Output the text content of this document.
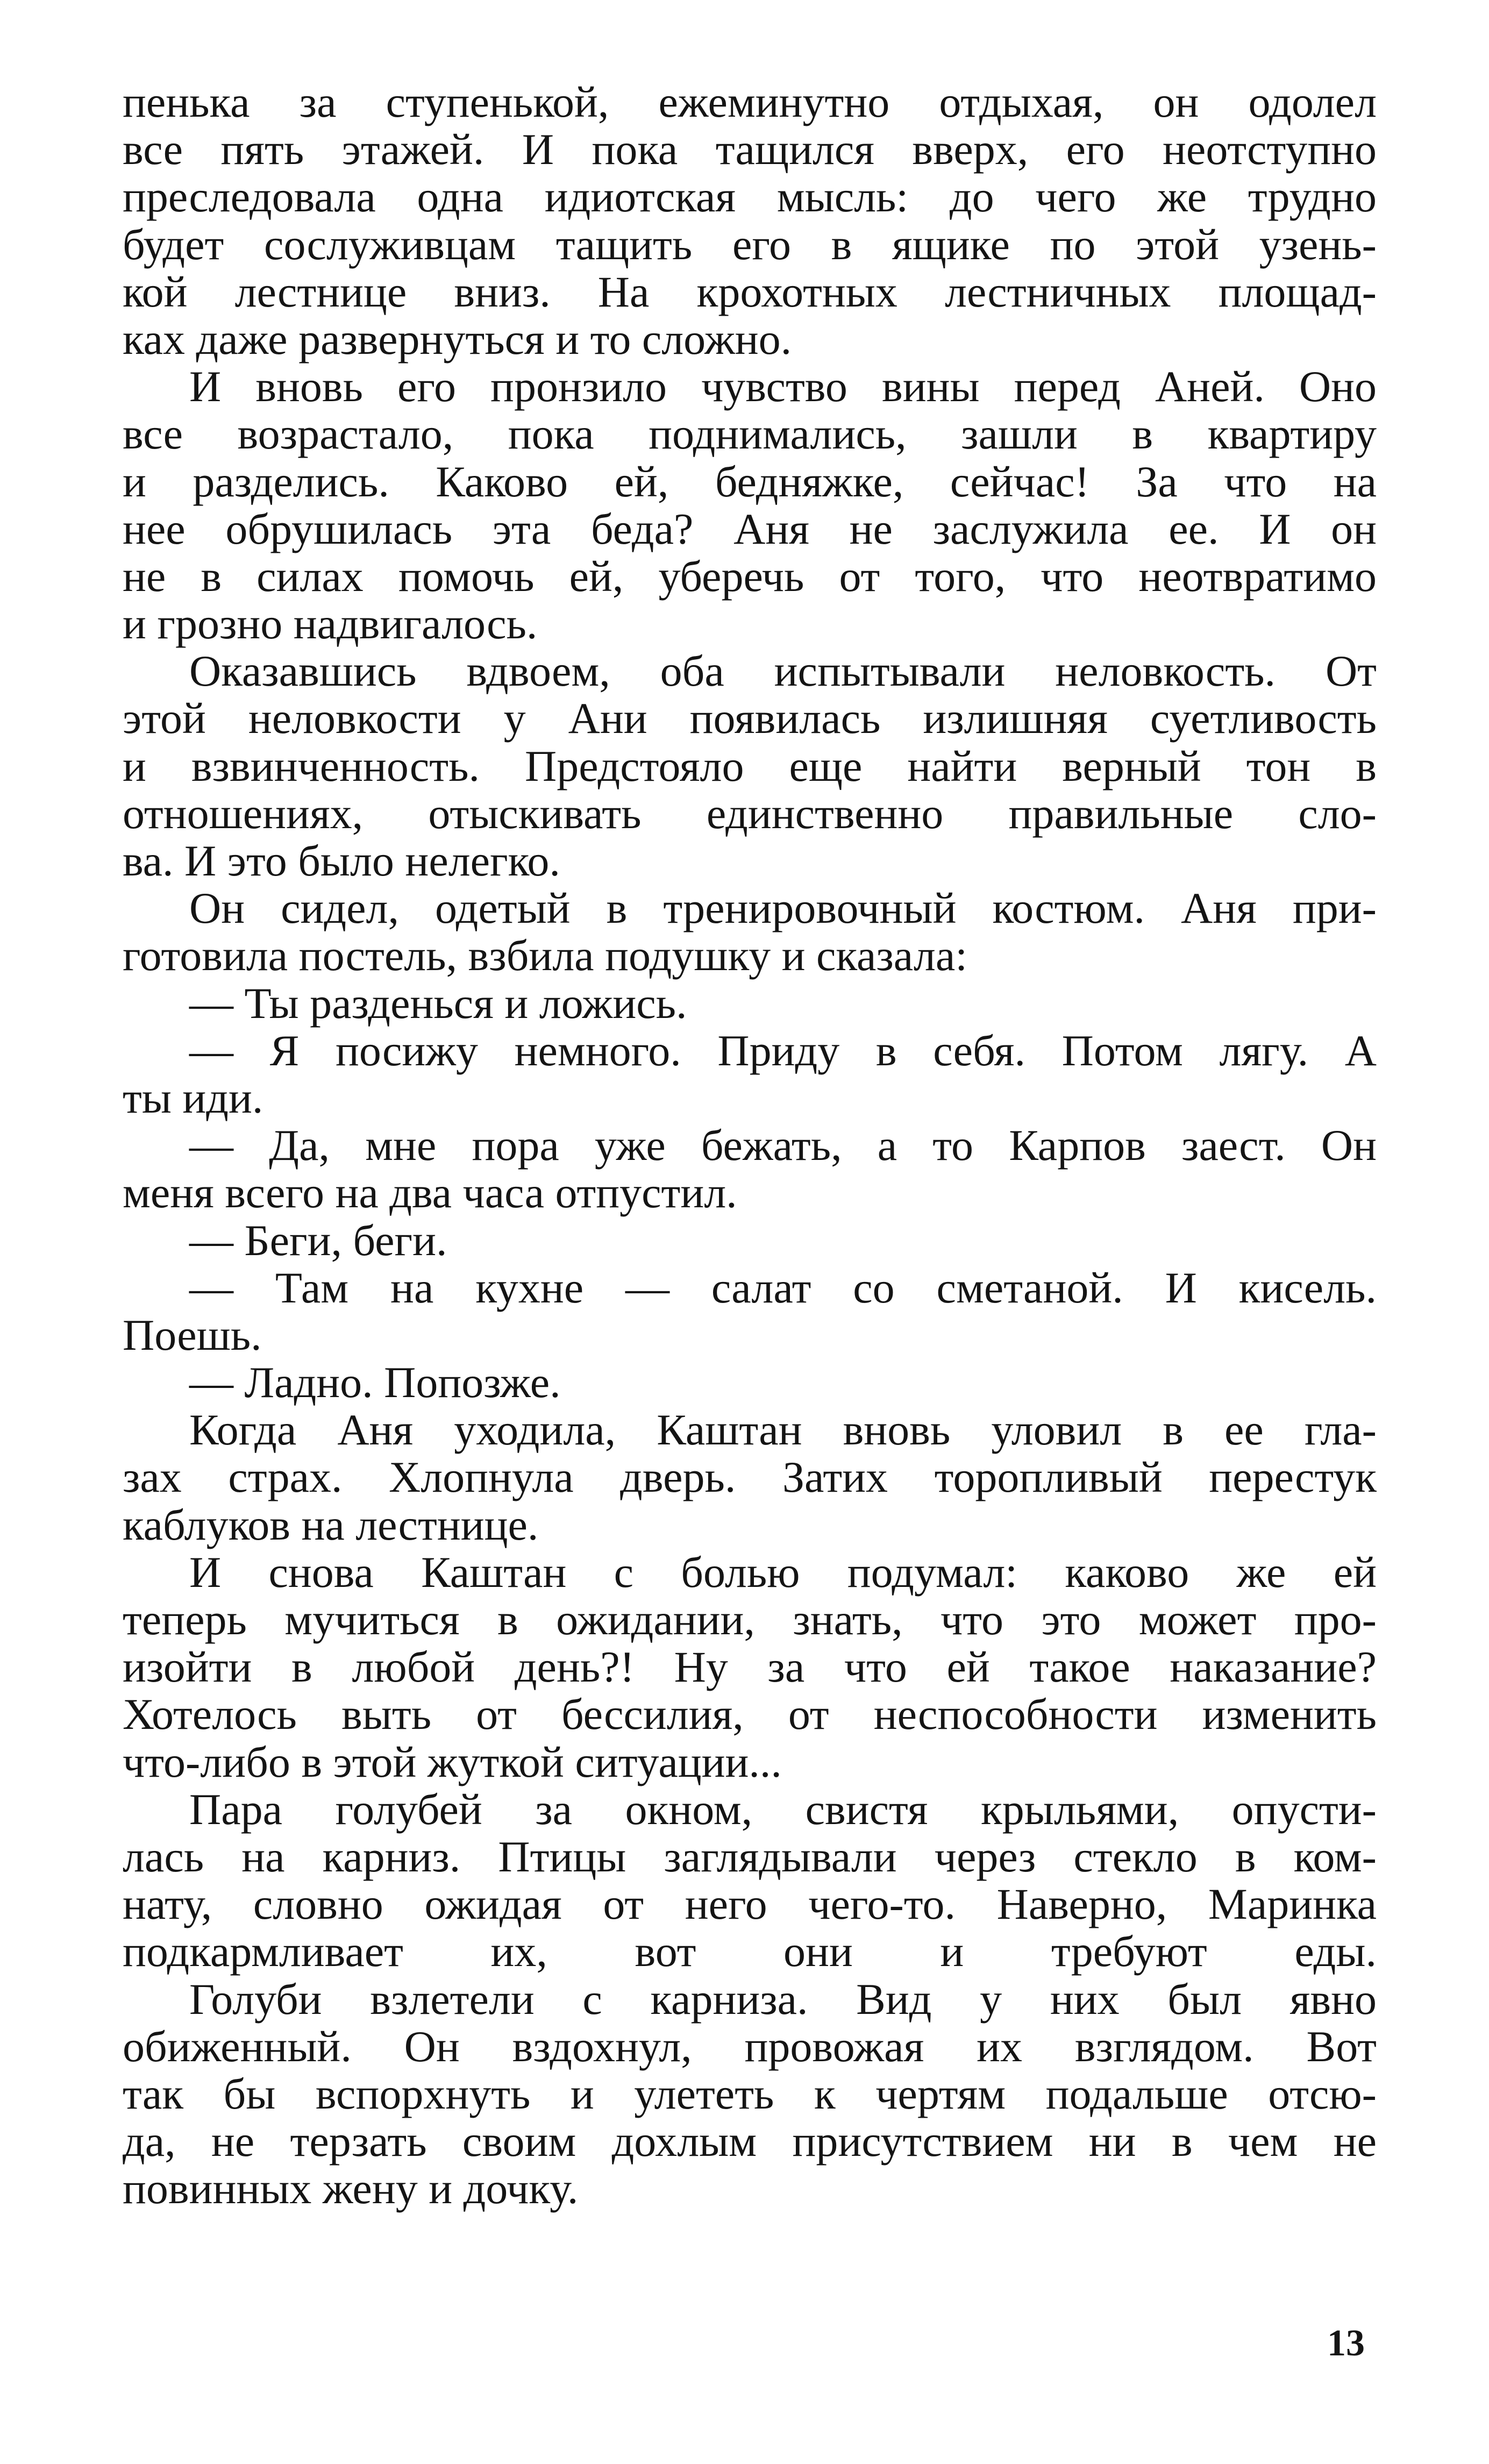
пенька за ступенькой, ежеминутно отдыхая, он одолел
все пять этажей. И пока тащился вверх, его неотступно
преследовала одна идиотская мысль: до чего же трудно
будет сослуживцам тащить его в ящике по этой узень-
кой лестнице вниз. На крохотных лестничных площад-
ках даже развернуться и то сложно.
И вновь его пронзило чувство вины перед Аней. Оно
все возрастало, пока поднимались, зашли в квартиру
и разделись. Каково ей, бедняжке, сейчас! За что на
нее обрушилась эта беда? Аня не заслужила ее. И он
не в силах помочь ей, уберечь от того, что неотвратимо
и грозно надвигалось.
Оказавшись вдвоем, оба испытывали неловкость. От
этой неловкости у Ани появилась излишняя суетливость
и взвинченность. Предстояло еще найти верный тон в
отношениях, отыскивать единственно правильные сло-
ва. И это было нелегко.
Он сидел, одетый в тренировочный костюм. Аня при-
готовила постель, взбила подушку и сказала:
— Ты разденься и ложись.
— Я посижу немного. Приду в себя. Потом лягу. А
ты иди.
— Да, мне пора уже бежать, а то Карпов заест. Он
меня всего на два часа отпустил.
— Беги, беги.
— Там на кухне — салат со сметаной. И кисель.
Поешь.
— Ладно. Попозже.
Когда Аня уходила, Каштан вновь уловил в ее гла-
зах страх. Хлопнула дверь. Затих торопливый перестук
каблуков на лестнице.
И снова Каштан с болью подумал: каково же ей
теперь мучиться в ожидании, знать, что это может про-
изойти в любой день?! Ну за что ей такое наказание?
Хотелось выть от бессилия, от неспособности изменить
что-либо в этой жуткой ситуации...
Пара голубей за окном, свистя крыльями, опусти-
лась на карниз. Птицы заглядывали через стекло в ком-
нату, словно ожидая от него чего-то. Наверно, Маринка
подкармливает их, вот они и требуют еды.
Голуби взлетели с карниза. Вид у них был явно
обиженный. Он вздохнул, провожая их взглядом. Вот
так бы вспорхнуть и улететь к чертям подальше отсю-
да, не терзать своим дохлым присутствием ни в чем не
повинных жену и дочку.
13
